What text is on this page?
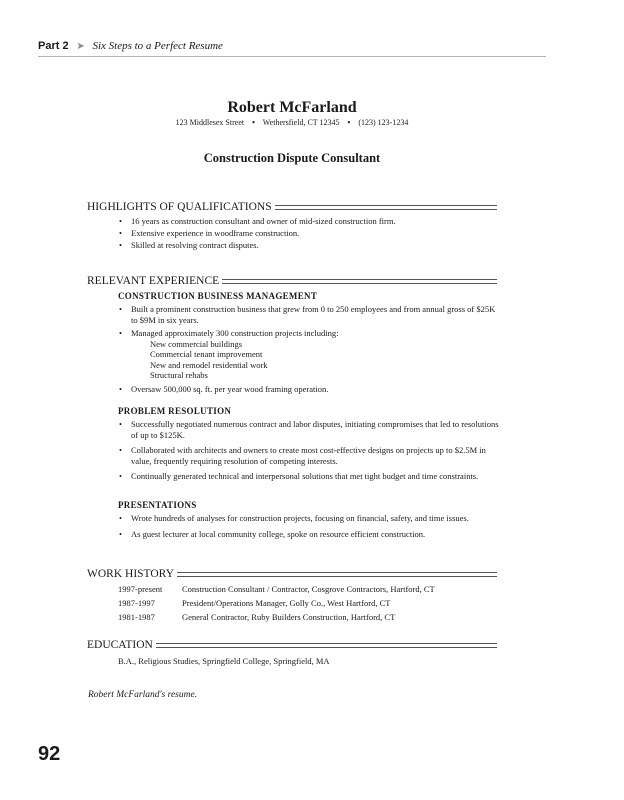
Part 2 ➤ Six Steps to a Perfect Resume
Robert McFarland
123 Middlesex Street • Wethersfield, CT 12345 • (123) 123-1234
Construction Dispute Consultant
HIGHLIGHTS OF QUALIFICATIONS
• 16 years as construction consultant and owner of mid-sized construction firm.
• Extensive experience in woodframe construction.
• Skilled at resolving contract disputes.
RELEVANT EXPERIENCE
CONSTRUCTION BUSINESS MANAGEMENT
• Built a prominent construction business that grew from 0 to 250 employees and from annual gross of $25K to $9M in six years.
• Managed approximately 300 construction projects including:
New commercial buildings
Commercial tenant improvement
New and remodel residential work
Structural rehabs
• Oversaw 500,000 sq. ft. per year wood framing operation.
PROBLEM RESOLUTION
• Successfully negotiated numerous contract and labor disputes, initiating compromises that led to resolutions of up to $125K.
• Collaborated with architects and owners to create most cost-effective designs on projects up to $2.5M in value, frequently requiring resolution of competing interests.
• Continually generated technical and interpersonal solutions that met tight budget and time constraints.
PRESENTATIONS
• Wrote hundreds of analyses for construction projects, focusing on financial, safety, and time issues.
• As guest lecturer at local community college, spoke on resource efficient construction.
WORK HISTORY
1997-present Construction Consultant / Contractor, Cosgrove Contractors, Hartford, CT
1987-1997	President/Operations Manager, Golly Co., West Hartford, CT
1981-1987	General Contractor, Ruby Builders Construction, Hartford, CT
EDUCATION
B.A., Religious Studies, Springfield College, Springfield, MA
Robert McFarland's resume.
92
